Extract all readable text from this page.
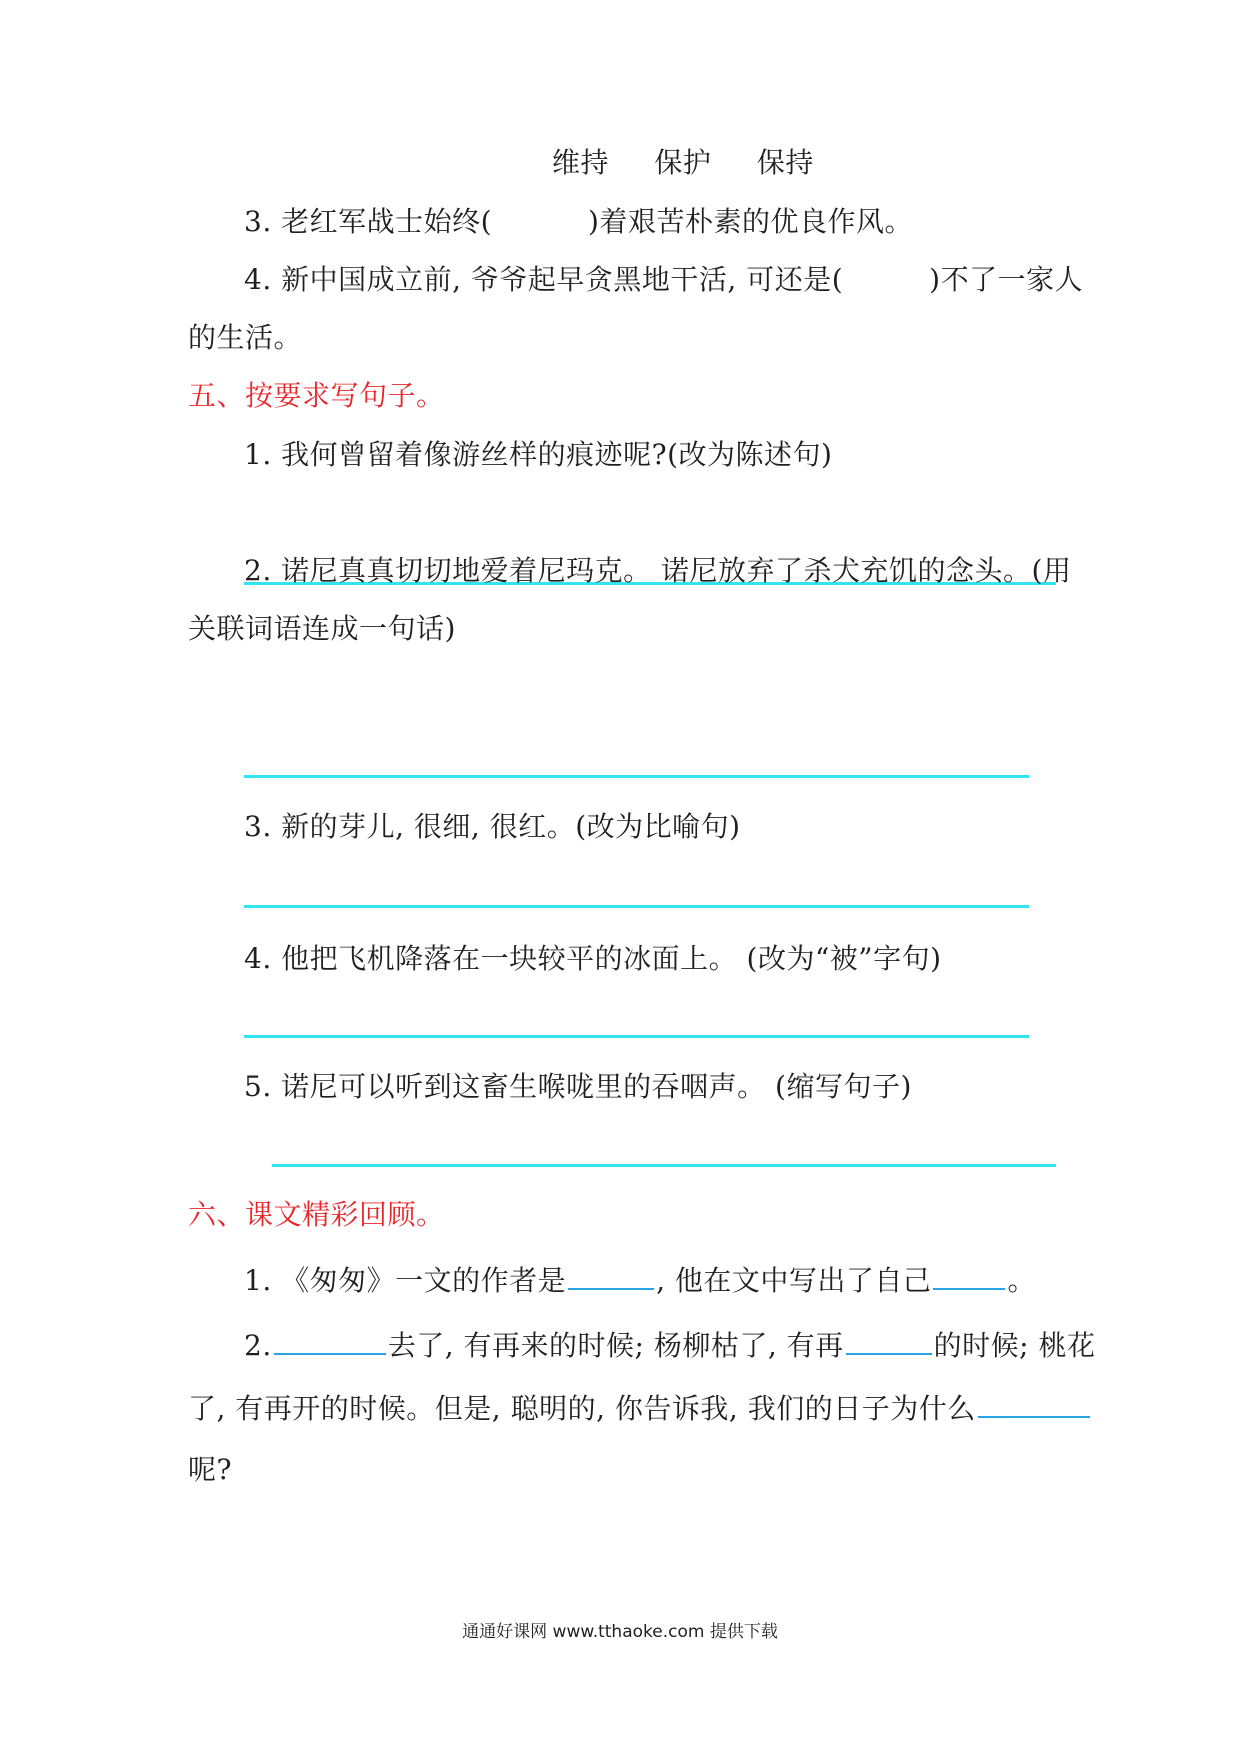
维持 保护 保持
3. 老红军战士始终(	)着艰苦朴素的优良作风。
4. 新中国成立前, 爷爷起早贪黑地干活, 可还是(	)不了一家人
的生活。
五、按要求写句子。
1. 我何曾留着像游丝样的痕迹呢?(改为陈述句)
2. 诺尼真真切切地爱着尼玛克。 诺尼放弃了杀犬充饥的念头。(用
关联词语连成一句话)
3. 新的芽儿, 很细, 很红。(改为比喻句)
4. 他把飞机降落在一块较平的冰面上。 (改为“被”字句)
5. 诺尼可以听到这畜生喉咙里的吞咽声。 (缩写句子)
六、课文精彩回顾。
1. 《匆匆》一文的作者是	, 他在文中写出了自己	。
2.	去了, 有再来的时候; 杨柳枯了, 有再	的时候; 桃花
了, 有再开的时候。但是, 聪明的, 你告诉我, 我们的日子为什么
呢?
通通好课网 www.tthaoke.com 提供下载
